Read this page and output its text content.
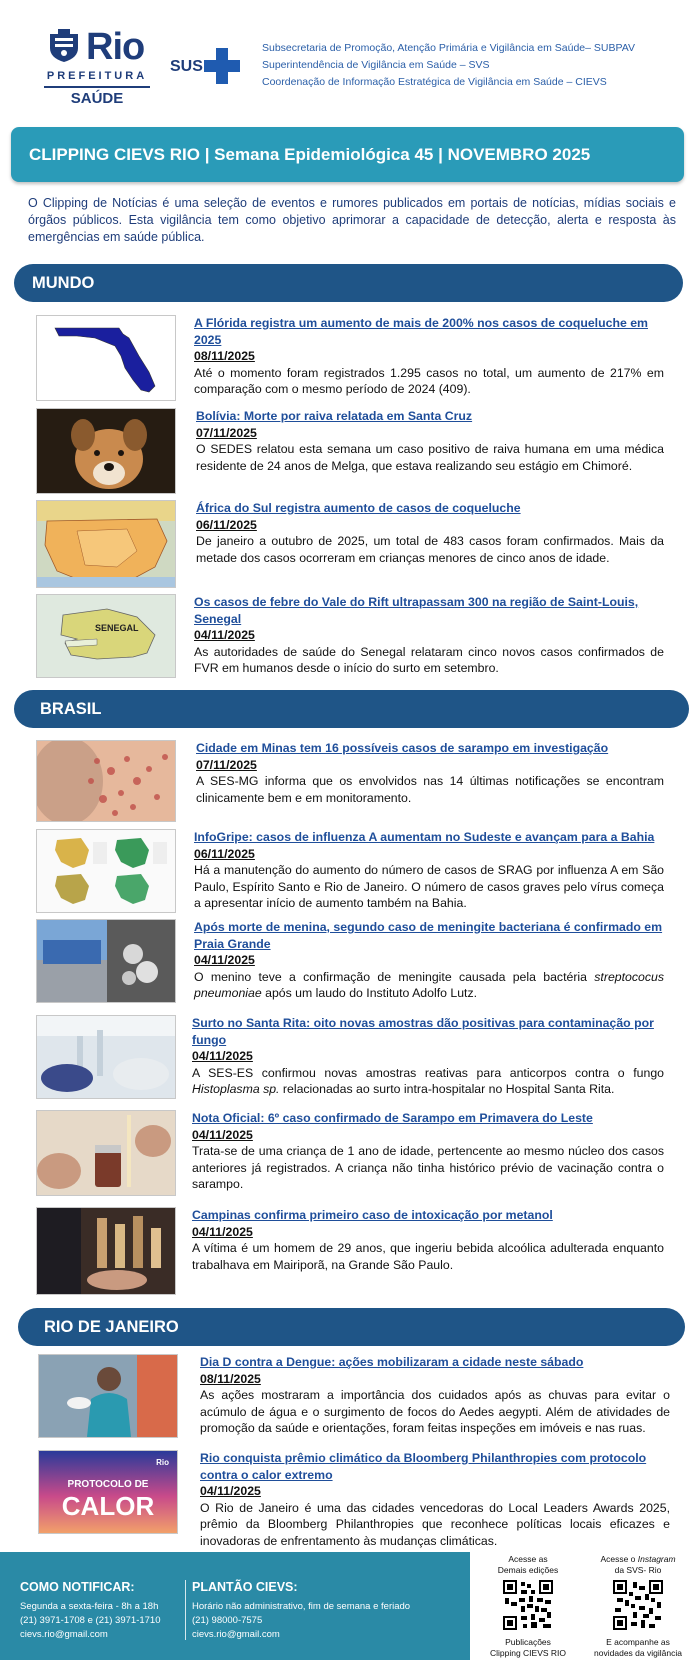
Rio
PREFEITURA
SAÚDE
SUS
Subsecretaria de Promoção, Atenção Primária e Vigilância em Saúde– SUBPAV
Superintendência de Vigilância em Saúde – SVS
Coordenação de Informação Estratégica de Vigilância em Saúde – CIEVS
CLIPPING CIEVS RIO | Semana Epidemiológica 45 | NOVEMBRO 2025
O Clipping de Notícias é uma seleção de eventos e rumores publicados em portais de notícias, mídias sociais e órgãos públicos. Esta vigilância tem como objetivo aprimorar a capacidade de detecção, alerta e resposta às emergências em saúde pública.
MUNDO
A Flórida registra um aumento de mais de 200% nos casos de coqueluche em 2025
08/11/2025
Até o momento foram registrados 1.295 casos no total, um aumento de 217% em comparação com o mesmo período de 2024 (409).
Bolívia: Morte por raiva relatada em Santa Cruz
07/11/2025
O SEDES relatou esta semana um caso positivo de raiva humana em uma médica residente de 24 anos de Melga, que estava realizando seu estágio em Chimoré.
África do Sul registra aumento de casos de coqueluche
06/11/2025
De janeiro a outubro de 2025, um total de 483 casos foram confirmados. Mais da metade dos casos ocorreram em crianças menores de cinco anos de idade.
SENEGAL
Os casos de febre do Vale do Rift ultrapassam 300 na região de Saint-Louis, Senegal
04/11/2025
As autoridades de saúde do Senegal relataram cinco novos casos confirmados de FVR em humanos desde o início do surto em setembro.
BRASIL
Cidade em Minas tem 16 possíveis casos de sarampo em investigação
07/11/2025
A SES-MG informa que os envolvidos nas 14 últimas notificações se encontram clinicamente bem e em monitoramento.
InfoGripe: casos de influenza A aumentam no Sudeste e avançam para a Bahia
06/11/2025
Há a manutenção do aumento do número de casos de SRAG por influenza A em São Paulo, Espírito Santo e Rio de Janeiro. O número de casos graves pelo vírus começa a apresentar início de aumento também na Bahia.
Após morte de menina, segundo caso de meningite bacteriana é confirmado em Praia Grande
04/11/2025
O menino teve a confirmação de meningite causada pela bactéria streptococus pneumoniae após um laudo do Instituto Adolfo Lutz.
Surto no Santa Rita: oito novas amostras dão positivas para contaminação por fungo
04/11/2025
A SES-ES confirmou novas amostras reativas para anticorpos contra o fungo Histoplasma sp. relacionadas ao surto intra-hospitalar no Hospital Santa Rita.
Nota Oficial: 6º caso confirmado de Sarampo em Primavera do Leste
04/11/2025
Trata-se de uma criança de 1 ano de idade, pertencente ao mesmo núcleo dos casos anteriores já registrados. A criança não tinha histórico prévio de vacinação contra o sarampo.
Campinas confirma primeiro caso de intoxicação por metanol
04/11/2025
A vítima é um homem de 29 anos, que ingeriu bebida alcoólica adulterada enquanto trabalhava em Mairiporã, na Grande São Paulo.
RIO DE JANEIRO
Dia D contra a Dengue: ações mobilizaram a cidade neste sábado
08/11/2025
As ações mostraram a importância dos cuidados após as chuvas para evitar o acúmulo de água e o surgimento de focos do Aedes aegypti. Além de atividades de promoção da saúde e orientações, foram feitas inspeções em imóveis e nas ruas.
PROTOCOLO DE
CALOR
Rio	Rio conquista prêmio climático da Bloomberg Philanthropies com protocolo contra o calor extremo
04/11/2025
O Rio de Janeiro é uma das cidades vencedoras do Local Leaders Awards 2025, prêmio da Bloomberg Philanthropies que reconhece políticas locais eficazes e inovadoras de enfrentamento às mudanças climáticas.
COMO NOTIFICAR:
Segunda a sexta-feira - 8h a 18h
(21) 3971-1708 e (21) 3971-1710
cievs.rio@gmail.com
PLANTÃO CIEVS:
Horário não administrativo, fim de semana e feriado
(21) 98000-7575
cievs.rio@gmail.com
Acesse as
Demais edições
Publicações
Clipping CIEVS RIO
Acesse o Instagram
da SVS- Rio
E acompanhe as
novidades da vigilância
